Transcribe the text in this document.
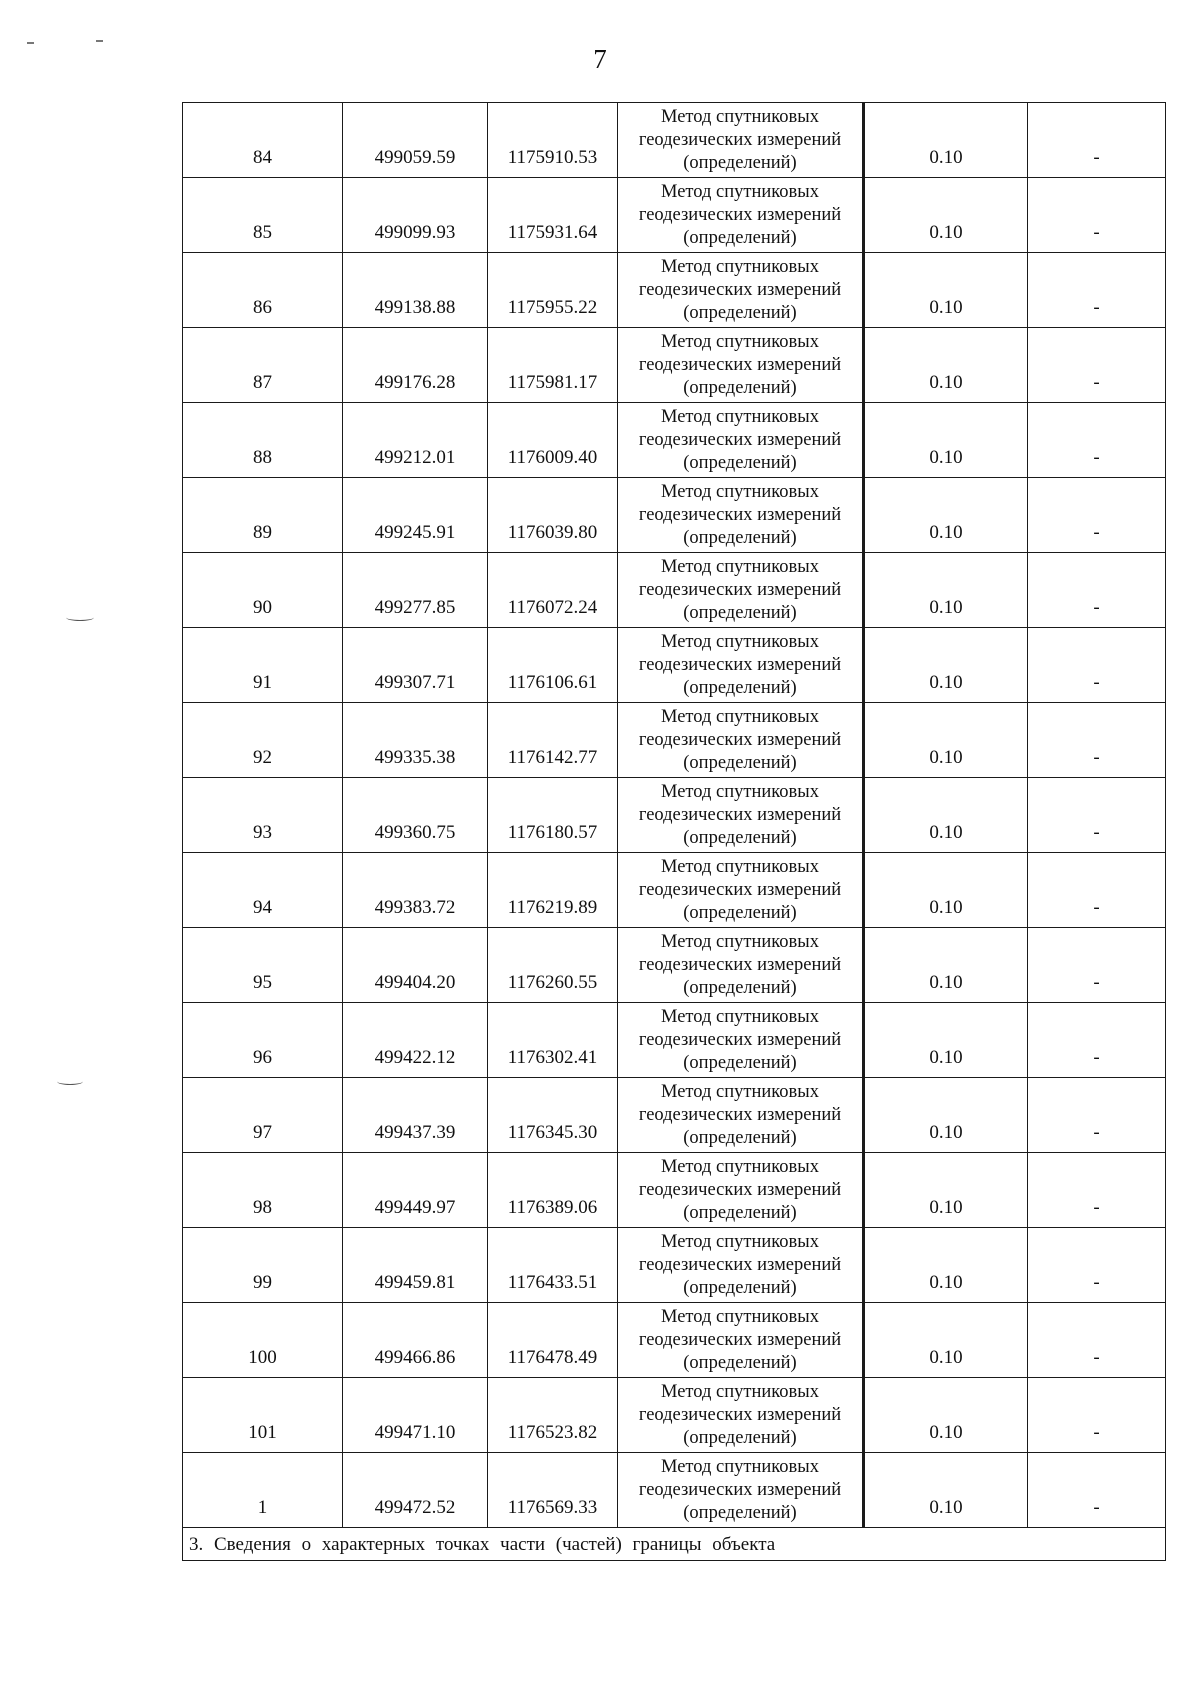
7
84	499059.59	1175910.53	Метод спутниковых
геодезических измерений
(определений)	0.10	-
85	499099.93	1175931.64	Метод спутниковых
геодезических измерений
(определений)	0.10	-
86	499138.88	1175955.22	Метод спутниковых
геодезических измерений
(определений)	0.10	-
87	499176.28	1175981.17	Метод спутниковых
геодезических измерений
(определений)	0.10	-
88	499212.01	1176009.40	Метод спутниковых
геодезических измерений
(определений)	0.10	-
89	499245.91	1176039.80	Метод спутниковых
геодезических измерений
(определений)	0.10	-
90	499277.85	1176072.24	Метод спутниковых
геодезических измерений
(определений)	0.10	-
91	499307.71	1176106.61	Метод спутниковых
геодезических измерений
(определений)	0.10	-
92	499335.38	1176142.77	Метод спутниковых
геодезических измерений
(определений)	0.10	-
93	499360.75	1176180.57	Метод спутниковых
геодезических измерений
(определений)	0.10	-
94	499383.72	1176219.89	Метод спутниковых
геодезических измерений
(определений)	0.10	-
95	499404.20	1176260.55	Метод спутниковых
геодезических измерений
(определений)	0.10	-
96	499422.12	1176302.41	Метод спутниковых
геодезических измерений
(определений)	0.10	-
97	499437.39	1176345.30	Метод спутниковых
геодезических измерений
(определений)	0.10	-
98	499449.97	1176389.06	Метод спутниковых
геодезических измерений
(определений)	0.10	-
99	499459.81	1176433.51	Метод спутниковых
геодезических измерений
(определений)	0.10	-
100	499466.86	1176478.49	Метод спутниковых
геодезических измерений
(определений)	0.10	-
101	499471.10	1176523.82	Метод спутниковых
геодезических измерений
(определений)	0.10	-
1	499472.52	1176569.33	Метод спутниковых
геодезических измерений
(определений)	0.10	-
3. Сведения о характерных точках части (частей) границы объекта					
